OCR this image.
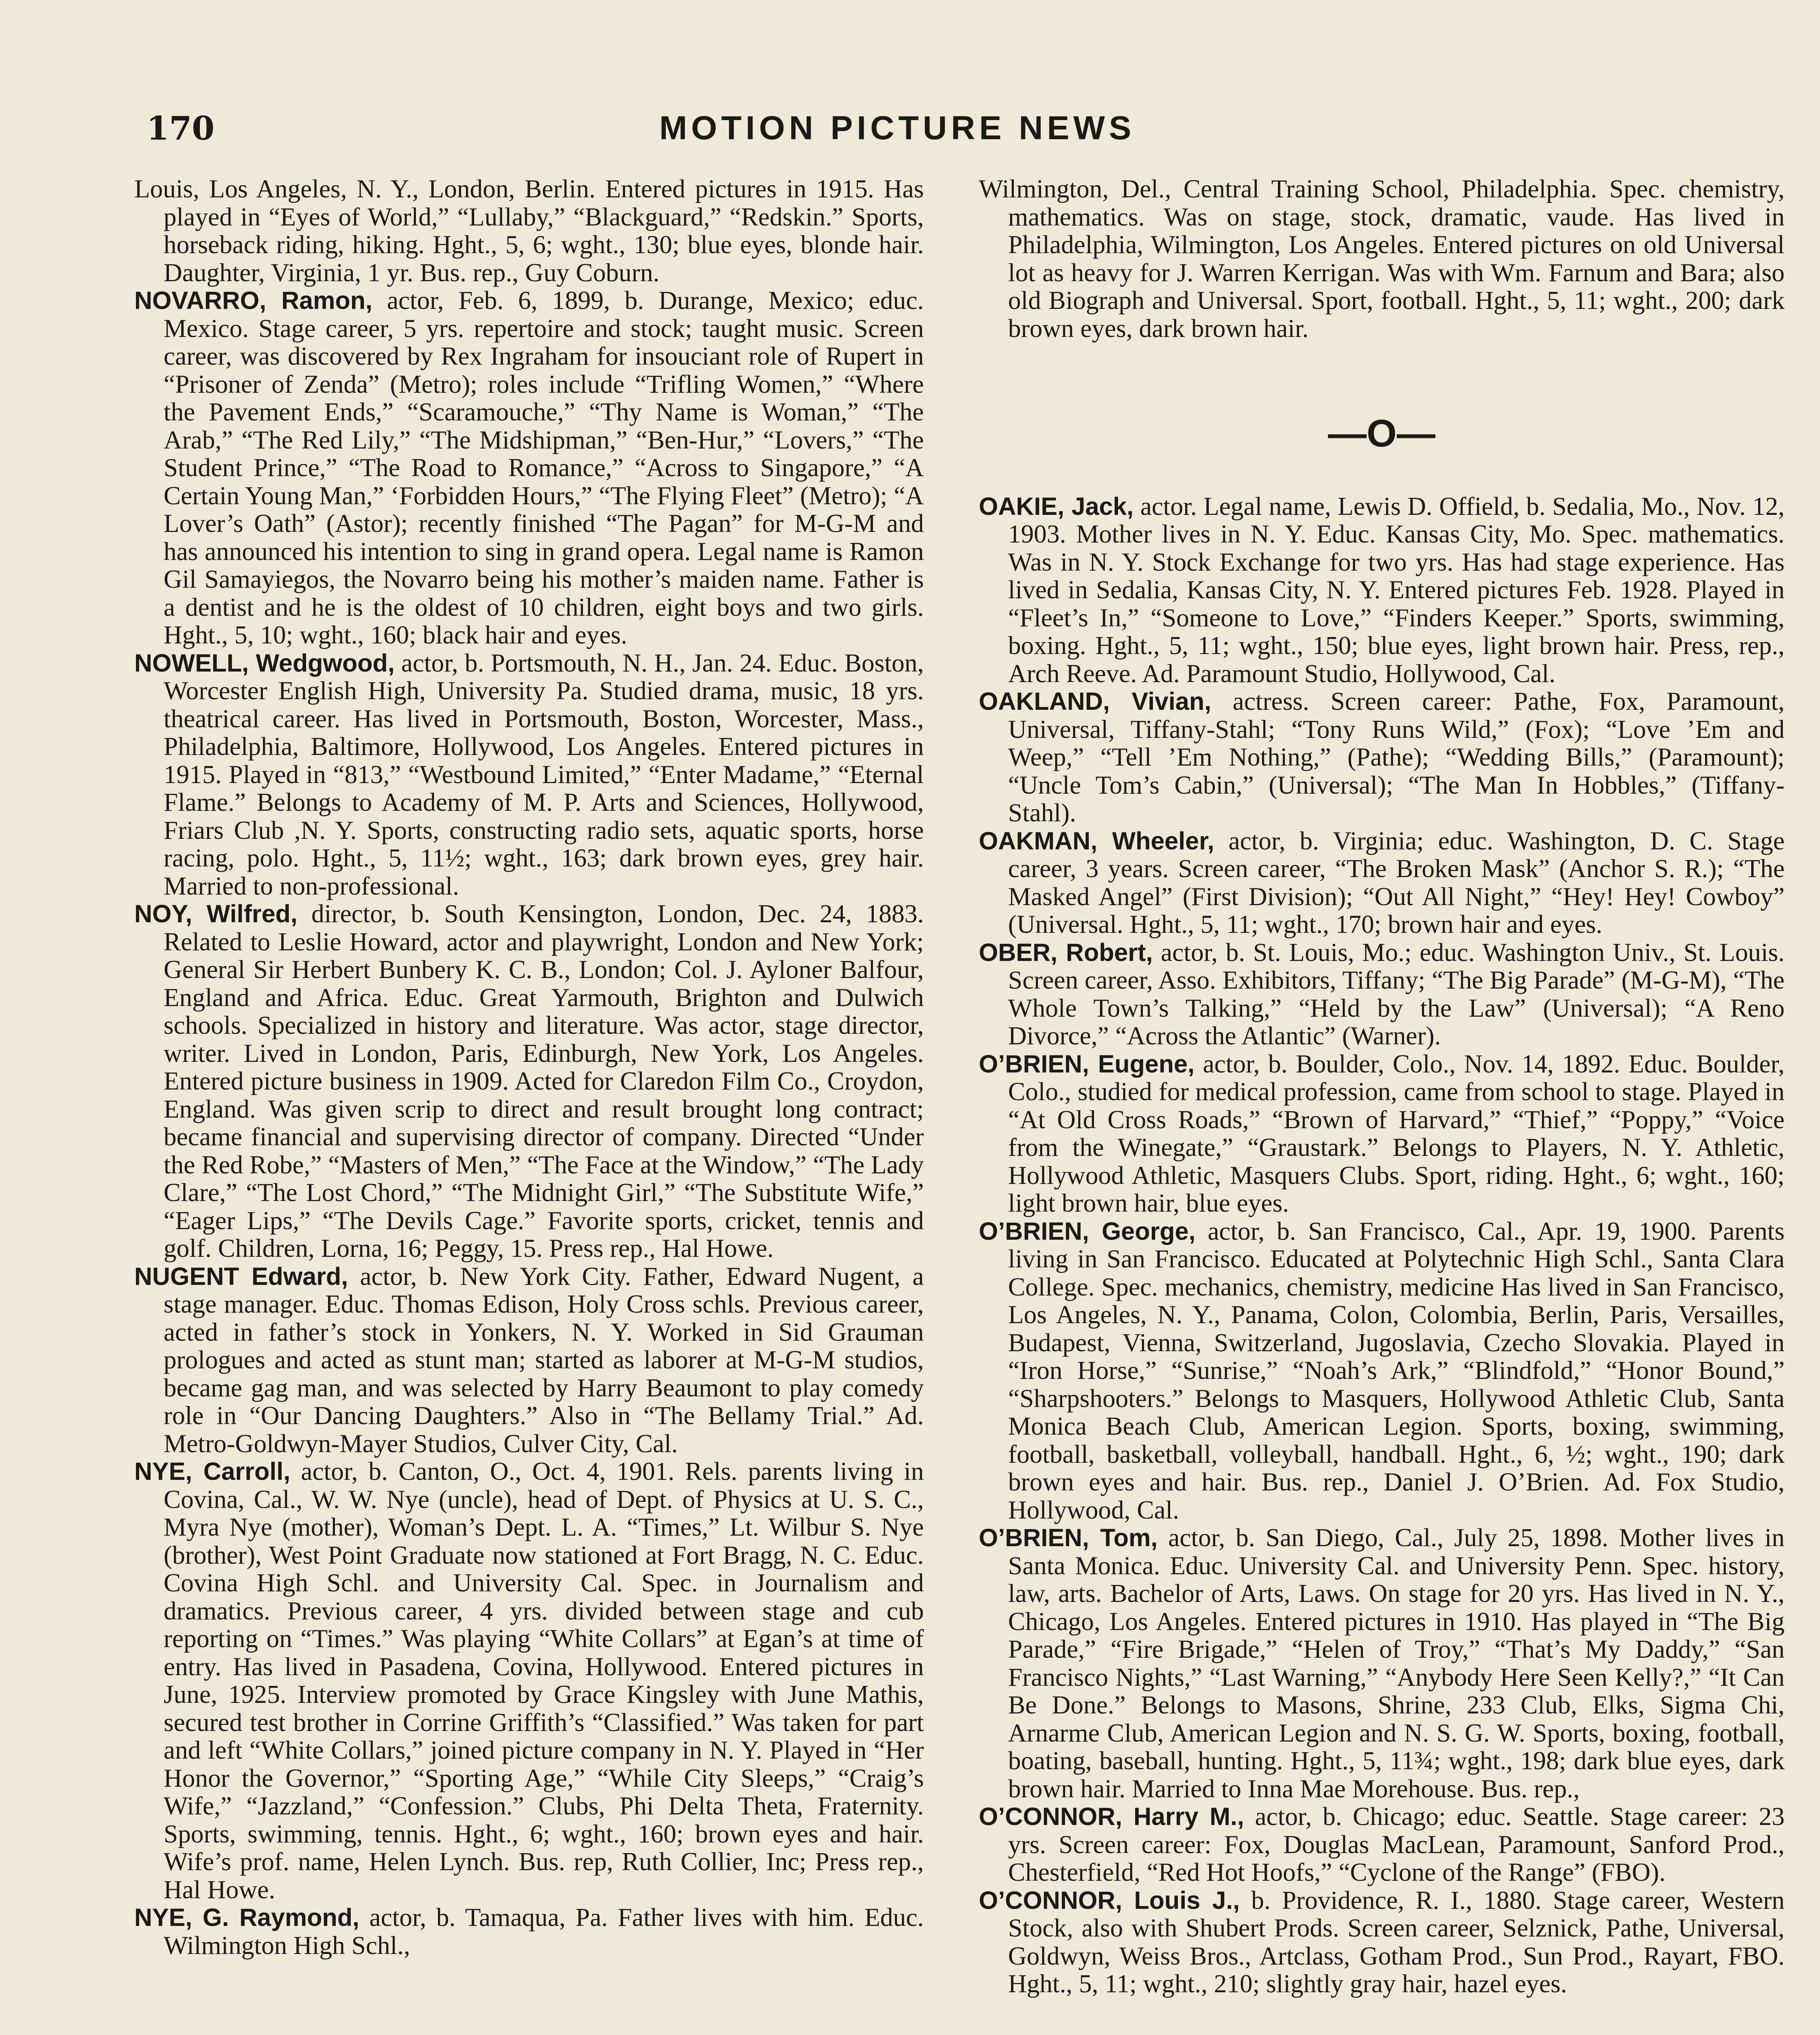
170	MOTION PICTURE NEWS

Louis, Los Angeles, N. Y., London, Berlin. Entered pictures in 1915. Has played in “Eyes of World,” “Lullaby,” “Blackguard,” “Redskin.” Sports, horseback riding, hiking. Hght., 5, 6; wght., 130; blue eyes, blonde hair. Daughter, Virginia, 1 yr. Bus. rep., Guy Coburn.

NOVARRO, Ramon, actor, Feb. 6, 1899, b. Durange, Mexico; educ. Mexico. Stage career, 5 yrs. repertoire and stock; taught music. Screen career, was discovered by Rex Ingraham for insouciant role of Rupert in “Prisoner of Zenda” (Metro); roles include “Trifling Women,” “Where the Pavement Ends,” “Scaramouche,” “Thy Name is Woman,” “The Arab,” “The Red Lily,” “The Midshipman,” “Ben-Hur,” “Lovers,” “The Student Prince,” “The Road to Romance,” “Across to Singapore,” “A Certain Young Man,” ‘Forbidden Hours,” “The Flying Fleet” (Metro); “A Lover’s Oath” (Astor); recently finished “The Pagan” for M-G-M and has announced his intention to sing in grand opera. Legal name is Ramon Gil Samayiegos, the Novarro being his mother’s maiden name. Father is a dentist and he is the oldest of 10 children, eight boys and two girls. Hght., 5, 10; wght., 160; black hair and eyes.

NOWELL, Wedgwood, actor, b. Portsmouth, N. H., Jan. 24. Educ. Boston, Worcester English High, University Pa. Studied drama, music, 18 yrs. theatrical career. Has lived in Portsmouth, Boston, Worcester, Mass., Philadelphia, Baltimore, Hollywood, Los Angeles. Entered pictures in 1915. Played in “813,” “Westbound Limited,” “Enter Madame,” “Eternal Flame.” Belongs to Academy of M. P. Arts and Sciences, Hollywood, Friars Club ,N. Y. Sports, constructing radio sets, aquatic sports, horse racing, polo. Hght., 5, 11½; wght., 163; dark brown eyes, grey hair. Married to non-professional.

NOY, Wilfred, director, b. South Kensington, London, Dec. 24, 1883. Related to Leslie Howard, actor and playwright, London and New York; General Sir Herbert Bunbery K. C. B., London; Col. J. Ayloner Balfour, England and Africa. Educ. Great Yarmouth, Brighton and Dulwich schools. Specialized in history and literature. Was actor, stage director, writer. Lived in London, Paris, Edinburgh, New York, Los Angeles. Entered picture business in 1909. Acted for Claredon Film Co., Croydon, England. Was given scrip to direct and result brought long contract; became financial and supervising director of company. Directed “Under the Red Robe,” “Masters of Men,” “The Face at the Window,” “The Lady Clare,” “The Lost Chord,” “The Midnight Girl,” “The Substitute Wife,” “Eager Lips,” “The Devils Cage.” Favorite sports, cricket, tennis and golf. Children, Lorna, 16; Peggy, 15. Press rep., Hal Howe.

NUGENT Edward, actor, b. New York City. Father, Edward Nugent, a stage manager. Educ. Thomas Edison, Holy Cross schls. Previous career, acted in father’s stock in Yonkers, N. Y. Worked in Sid Grauman prologues and acted as stunt man; started as laborer at M-G-M studios, became gag man, and was selected by Harry Beaumont to play comedy role in “Our Dancing Daughters.” Also in “The Bellamy Trial.” Ad. Metro-Goldwyn-Mayer Studios, Culver City, Cal.

NYE, Carroll, actor, b. Canton, O., Oct. 4, 1901. Rels. parents living in Covina, Cal., W. W. Nye (uncle), head of Dept. of Physics at U. S. C., Myra Nye (mother), Woman’s Dept. L. A. “Times,” Lt. Wilbur S. Nye (brother), West Point Graduate now stationed at Fort Bragg, N. C. Educ. Covina High Schl. and University Cal. Spec. in Journalism and dramatics. Previous career, 4 yrs. divided between stage and cub reporting on “Times.” Was playing “White Collars” at Egan’s at time of entry. Has lived in Pasadena, Covina, Hollywood. Entered pictures in June, 1925. Interview promoted by Grace Kingsley with June Mathis, secured test brother in Corrine Griffith’s “Classified.” Was taken for part and left “White Collars,” joined picture company in N. Y. Played in “Her Honor the Governor,” “Sporting Age,” “While City Sleeps,” “Craig’s Wife,” “Jazzland,” “Confession.” Clubs, Phi Delta Theta, Fraternity. Sports, swimming, tennis. Hght., 6; wght., 160; brown eyes and hair. Wife’s prof. name, Helen Lynch. Bus. rep, Ruth Collier, Inc; Press rep., Hal Howe.

NYE, G. Raymond, actor, b. Tamaqua, Pa. Father lives with him. Educ. Wilmington High Schl.,

Wilmington, Del., Central Training School, Philadelphia. Spec. chemistry, mathematics. Was on stage, stock, dramatic, vaude. Has lived in Philadelphia, Wilmington, Los Angeles. Entered pictures on old Universal lot as heavy for J. Warren Kerrigan. Was with Wm. Farnum and Bara; also old Biograph and Universal. Sport, football. Hght., 5, 11; wght., 200; dark brown eyes, dark brown hair.

—O—

OAKIE, Jack, actor. Legal name, Lewis D. Offield, b. Sedalia, Mo., Nov. 12, 1903. Mother lives in N. Y. Educ. Kansas City, Mo. Spec. mathematics. Was in N. Y. Stock Exchange for two yrs. Has had stage experience. Has lived in Sedalia, Kansas City, N. Y. Entered pictures Feb. 1928. Played in “Fleet’s In,” “Someone to Love,” “Finders Keeper.” Sports, swimming, boxing. Hght., 5, 11; wght., 150; blue eyes, light brown hair. Press, rep., Arch Reeve. Ad. Paramount Studio, Hollywood, Cal.

OAKLAND, Vivian, actress. Screen career: Pathe, Fox, Paramount, Universal, Tiffany-Stahl; “Tony Runs Wild,” (Fox); “Love ’Em and Weep,” “Tell ’Em Nothing,” (Pathe); “Wedding Bills,” (Paramount); “Uncle Tom’s Cabin,” (Universal); “The Man In Hobbles,” (Tiffany-Stahl).

OAKMAN, Wheeler, actor, b. Virginia; educ. Washington, D. C. Stage career, 3 years. Screen career, “The Broken Mask” (Anchor S. R.); “The Masked Angel” (First Division); “Out All Night,” “Hey! Hey! Cowboy” (Universal. Hght., 5, 11; wght., 170; brown hair and eyes.

OBER, Robert, actor, b. St. Louis, Mo.; educ. Washington Univ., St. Louis. Screen career, Asso. Exhibitors, Tiffany; “The Big Parade” (M-G-M), “The Whole Town’s Talking,” “Held by the Law” (Universal); “A Reno Divorce,” “Across the Atlantic” (Warner).

O’BRIEN, Eugene, actor, b. Boulder, Colo., Nov. 14, 1892. Educ. Boulder, Colo., studied for medical profession, came from school to stage. Played in “At Old Cross Roads,” “Brown of Harvard,” “Thief,” “Poppy,” “Voice from the Winegate,” “Graustark.” Belongs to Players, N. Y. Athletic, Hollywood Athletic, Masquers Clubs. Sport, riding. Hght., 6; wght., 160; light brown hair, blue eyes.

O’BRIEN, George, actor, b. San Francisco, Cal., Apr. 19, 1900. Parents living in San Francisco. Educated at Polytechnic High Schl., Santa Clara College. Spec. mechanics, chemistry, medicine Has lived in San Francisco, Los Angeles, N. Y., Panama, Colon, Colombia, Berlin, Paris, Versailles, Budapest, Vienna, Switzerland, Jugoslavia, Czecho Slovakia. Played in “Iron Horse,” “Sunrise,” “Noah’s Ark,” “Blindfold,” “Honor Bound,” “Sharpshooters.” Belongs to Masquers, Hollywood Athletic Club, Santa Monica Beach Club, American Legion. Sports, boxing, swimming, football, basketball, volleyball, handball. Hght., 6, ½; wght., 190; dark brown eyes and hair. Bus. rep., Daniel J. O’Brien. Ad. Fox Studio, Hollywood, Cal.

O’BRIEN, Tom, actor, b. San Diego, Cal., July 25, 1898. Mother lives in Santa Monica. Educ. University Cal. and University Penn. Spec. history, law, arts. Bachelor of Arts, Laws. On stage for 20 yrs. Has lived in N. Y., Chicago, Los Angeles. Entered pictures in 1910. Has played in “The Big Parade,” “Fire Brigade,” “Helen of Troy,” “That’s My Daddy,” “San Francisco Nights,” “Last Warning,” “Anybody Here Seen Kelly?,” “It Can Be Done.” Belongs to Masons, Shrine, 233 Club, Elks, Sigma Chi, Arnarme Club, American Legion and N. S. G. W. Sports, boxing, football, boating, baseball, hunting. Hght., 5, 11¾; wght., 198; dark blue eyes, dark brown hair. Married to Inna Mae Morehouse. Bus. rep.,

O’CONNOR, Harry M., actor, b. Chicago; educ. Seattle. Stage career: 23 yrs. Screen career: Fox, Douglas MacLean, Paramount, Sanford Prod., Chesterfield, “Red Hot Hoofs,” “Cyclone of the Range” (FBO).

O’CONNOR, Louis J., b. Providence, R. I., 1880. Stage career, Western Stock, also with Shubert Prods. Screen career, Selznick, Pathe, Universal, Goldwyn, Weiss Bros., Artclass, Gotham Prod., Sun Prod., Rayart, FBO. Hght., 5, 11; wght., 210; slightly gray hair, hazel eyes.
